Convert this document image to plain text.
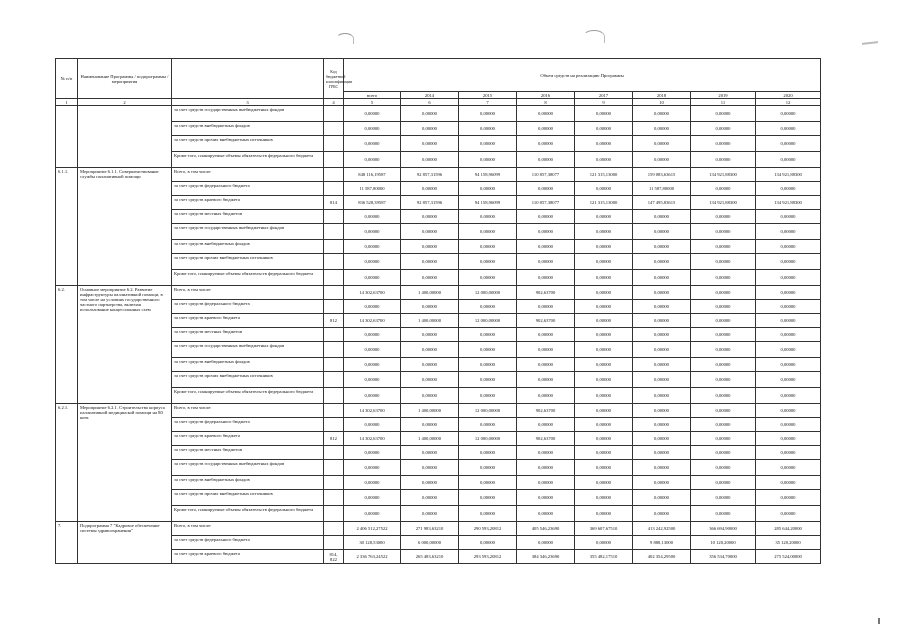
№ п/п	Наименование Программы / подпрограммы / мероприятия		Код бюджетной классификации ГРБС	Объем средств на реализацию Программы							
				всего	2014	2015	2016	2017	2018	2019	2020
1	2	3	4	5	6	7	8	9	10	11	12
		за счет средств государственных внебюджетных фондов		0,00000	0,00000	0,00000	0,00000	0,00000	0,00000	0,00000	0,00000
		за счет средств внебюджетных фондов		0,00000	0,00000	0,00000	0,00000	0,00000	0,00000	0,00000	0,00000
		за счет средств прочих внебюджетных источников		0,00000	0,00000	0,00000	0,00000	0,00000	0,00000	0,00000	0,00000
		Кроме того, планируемые объемы обязательств федерального бюджета		0,00000	0,00000	0,00000	0,00000	0,00000	0,00000	0,00000	0,00000
6.1.1.	Мероприятие 6.1.1. Совершенствование службы паллиативной помощи	Всего, в том числе:		848 116,19587	92 857,31596	94 158,96099	110 857,38077	121 315,13000	159 083,63615	134 921,88300	134 921,88300
		за счет средств федерального бюджета		11 587,80000	0,00000	0,00000	0,00000	0,00000	11 587,80000	0,00000	0,00000
		за счет средств краевого бюджета	814	836 528,39587	92 857,31596	94 158,96099	110 857,38077	121 315,13000	147 495,83615	134 921,88300	134 921,88300
		за счет средств местных бюджетов		0,00000	0,00000	0,00000	0,00000	0,00000	0,00000	0,00000	0,00000
		за счет средств государственных внебюджетных фондов		0,00000	0,00000	0,00000	0,00000	0,00000	0,00000	0,00000	0,00000
		за счет средств внебюджетных фондов		0,00000	0,00000	0,00000	0,00000	0,00000	0,00000	0,00000	0,00000
		за счет средств прочих внебюджетных источников		0,00000	0,00000	0,00000	0,00000	0,00000	0,00000	0,00000	0,00000
		Кроме того, планируемые объемы обязательств федерального бюджета		0,00000	0,00000	0,00000	0,00000	0,00000	0,00000	0,00000	0,00000
6.2.	Основное мероприятие 6.2. Развитие инфраструктуры паллиативной помощи, в том числе на условиях государственного частного партнерства, включая использование концессионных схем	Всего, в том числе:		14 302,63700	1 400,00000	12 000,00000	902,63700	0,00000	0,00000	0,00000	0,00000
		за счет средств федерального бюджета		0,00000	0,00000	0,00000	0,00000	0,00000	0,00000	0,00000	0,00000
		за счет средств краевого бюджета	812	14 302,63700	1 400,00000	12 000,00000	902,63700	0,00000	0,00000	0,00000	0,00000
		за счет средств местных бюджетов		0,00000	0,00000	0,00000	0,00000	0,00000	0,00000	0,00000	0,00000
		за счет средств государственных внебюджетных фондов		0,00000	0,00000	0,00000	0,00000	0,00000	0,00000	0,00000	0,00000
		за счет средств внебюджетных фондов		0,00000	0,00000	0,00000	0,00000	0,00000	0,00000	0,00000	0,00000
		за счет средств прочих внебюджетных источников		0,00000	0,00000	0,00000	0,00000	0,00000	0,00000	0,00000	0,00000
		Кроме того, планируемые объемы обязательств федерального бюджета		0,00000	0,00000	0,00000	0,00000	0,00000	0,00000	0,00000	0,00000
6.2.1.	Мероприятие 6.2.1. Строительство корпуса паллиативной медицинской помощи на 80 коек	Всего, в том числе:		14 302,63700	1 400,00000	12 000,00000	902,63700	0,00000	0,00000	0,00000	0,00000
		за счет средств федерального бюджета		0,00000	0,00000	0,00000	0,00000	0,00000	0,00000	0,00000	0,00000
		за счет средств краевого бюджета	812	14 302,63700	1 400,00000	12 000,00000	902,63700	0,00000	0,00000	0,00000	0,00000
		за счет средств местных бюджетов		0,00000	0,00000	0,00000	0,00000	0,00000	0,00000	0,00000	0,00000
		за счет средств государственных внебюджетных фондов		0,00000	0,00000	0,00000	0,00000	0,00000	0,00000	0,00000	0,00000
		за счет средств внебюджетных фондов		0,00000	0,00000	0,00000	0,00000	0,00000	0,00000	0,00000	0,00000
		за счет средств прочих внебюджетных источников		0,00000	0,00000	0,00000	0,00000	0,00000	0,00000	0,00000	0,00000
		Кроме того, планируемые объемы обязательств федерального бюджета		0,00000	0,00000	0,00000	0,00000	0,00000	0,00000	0,00000	0,00000
7.	Подпрограмма 7 "Кадровое обеспечение системы здравоохранения"	Всего, в том числе:		2 406 512,27522	271 983,63210	290 593,20812	405 546,23690	369 607,67510	413 242,92500	366 694,90000	285 644,20000
		за счет средств федерального бюджета		30 128,53000	6 000,00000	0,00000	0,00000	0,00000	9 888,13000	10 120,20000	35 120,20000
		за счет средств краевого бюджета	814, 822	2 336 763,24522	265 483,63210	293 593,20812	384 346,23690	355 482,17510	402 354,29500	356 534,70000	275 524,00000
